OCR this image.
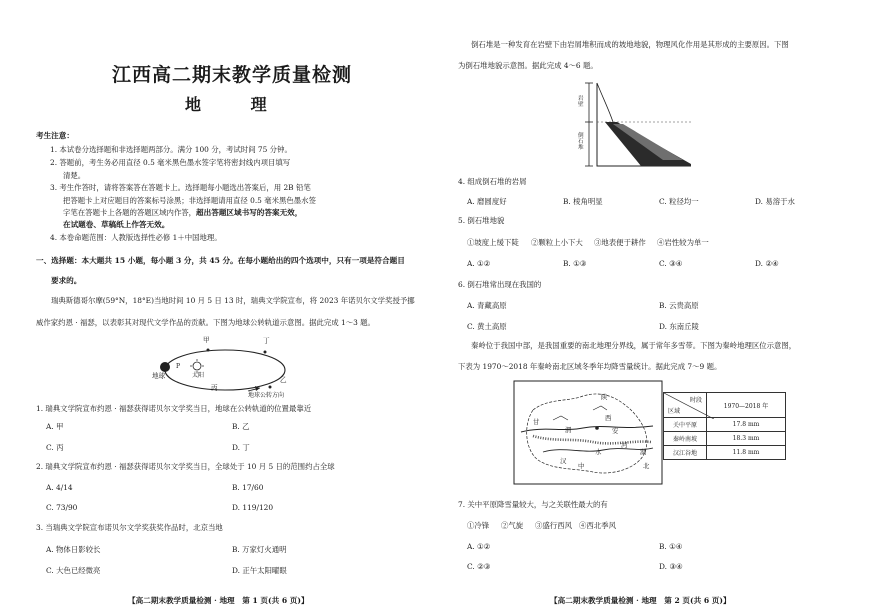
江西高二期末教学质量检测
地 理
考生注意：
1. 本试卷分选择题和非选择题两部分。满分 100 分，考试时间 75 分钟。
2. 答题前，考生务必用直径 0.5 毫米黑色墨水签字笔将密封线内项目填写
清楚。
3. 考生作答时，请将答案答在答题卡上。选择题每小题选出答案后，用 2B 铅笔
把答题卡上对应题目的答案标号涂黑；非选择题请用直径 0.5 毫米黑色墨水签
字笔在答题卡上各题的答题区域内作答，超出答题区域书写的答案无效，
在试题卷、草稿纸上作答无效。
4. 本卷命题范围：人教版选择性必修 1＋中国地理。
一、选择题：本大题共 15 小题，每小题 3 分，共 45 分。在每小题给出的四个选项中，只有一项是符合题目
要求的。
瑞典斯德哥尔摩(59°N，18°E)当地时间 10 月 5 日 13 时，瑞典文学院宣布，将 2023 年诺贝尔文学奖授予挪
威作家约恩 · 福瑟，以表彰其对现代文学作品的贡献。下图为地球公转轨道示意图。据此完成 1～3 题。
甲	丁
地球
P
太阳
丙
乙
地球公转方向
1. 瑞典文学院宣布约恩 · 福瑟获得诺贝尔文学奖当日，地球在公转轨道的位置最靠近
A. 甲	B. 乙
C. 丙	D. 丁
2. 瑞典文学院宣布约恩 · 福瑟获得诺贝尔文学奖当日，全球处于 10 月 5 日的范围约占全球
A. 4/14	B. 17/60
C. 73/90	D. 119/120
3. 当瑞典文学院宣布诺贝尔文学奖获奖作品时，北京当地
A. 物体日影较长	B. 万家灯火通明
C. 大色已经微亮	D. 正午太阳曜眼
【高二期末教学质量检测 · 地理　第 1 页(共 6 页)】
倒石堆是一种发育在岩壁下由岩屑堆积而成的坡地地貌，物理风化作用是其形成的主要原因。下图
为倒石堆地貌示意图。据此完成 4～6 题。
岩壁
倒石堆
4. 组成倒石堆的岩屑
A. 磨圆度好	B. 棱角明显	C. 粒径均一	D. 易溶于水
5. 倒石堆地貌
①坡度上缓下陡 ②颗粒上小下大 ③地表便于耕作 ④岩性较为单一
A. ①②	B. ①③	C. ③④	D. ②④
6. 倒石堆常出现在我国的
A. 青藏高原	B. 云贵高原
C. 黄土高原	D. 东南丘陵
秦岭位于我国中部，是我国重要的南北地理分界线，属于常年多雪带。下图为秦岭地理区位示意图，
下表为 1970～2018 年秦岭南北区域冬季年均降雪量统计。据此完成 7～9 题。
陕
甘	西
安
渭
汉
水
河
中
湖
北
时段
区域	1970—2018 年
关中平原	17.8 mm
秦岭南坡	18.3 mm
汉江谷地	11.8 mm
7. 关中平原降雪量较大，与之关联性最大的有
①冷锋 ②气旋 ③盛行西风 ④西北季风
A. ①②	B. ①④
C. ②③	D. ③④
【高二期末教学质量检测 · 地理　第 2 页(共 6 页)】
